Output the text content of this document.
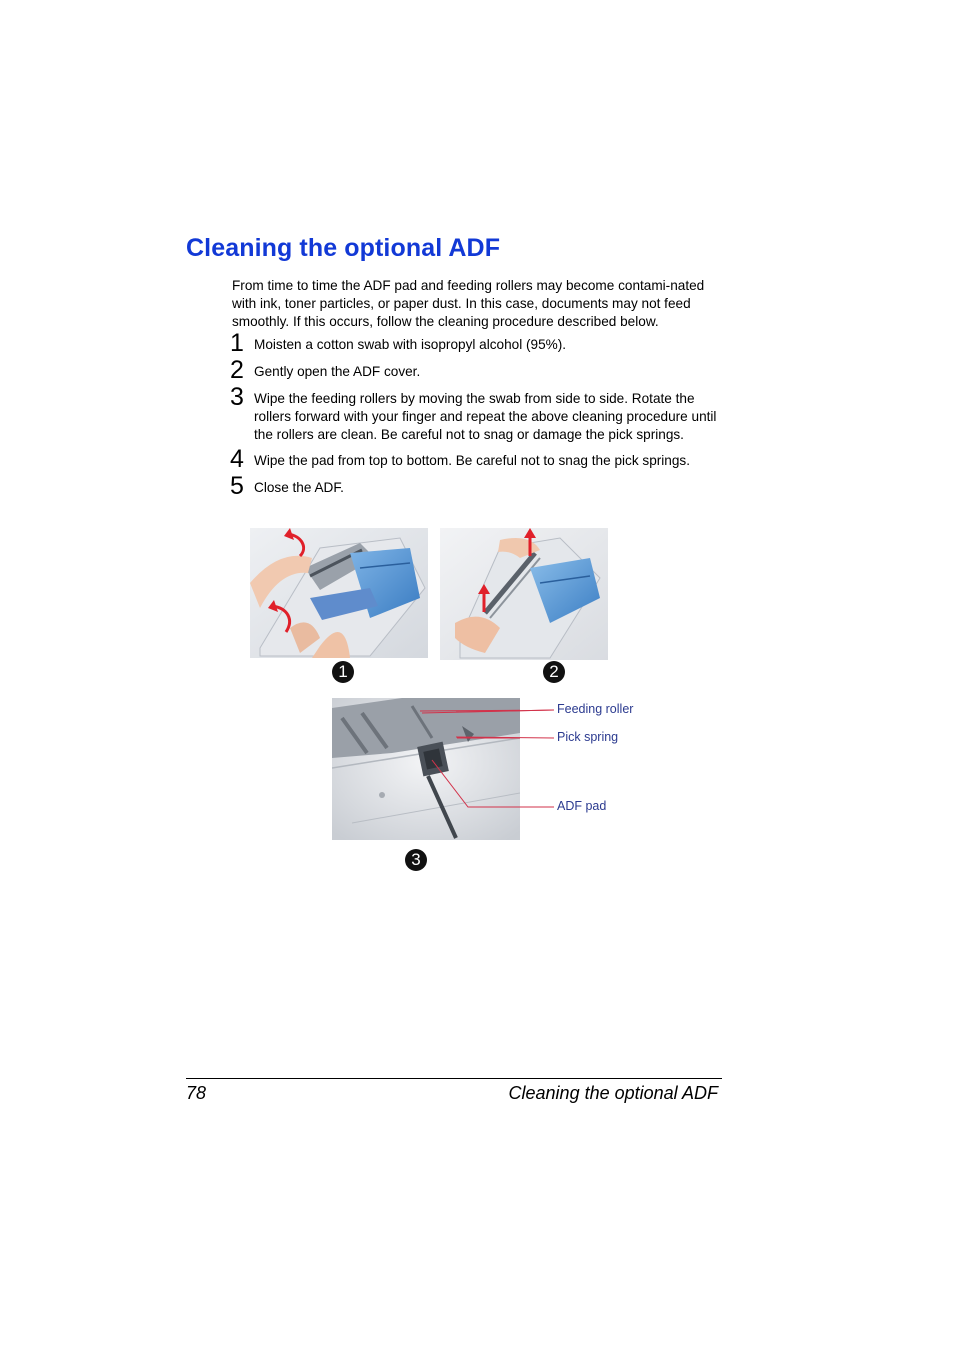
Cleaning the optional ADF

From time to time the ADF pad and feeding rollers may become contami-nated with ink, toner particles, or paper dust. In this case, documents may not feed smoothly. If this occurs, follow the cleaning procedure described below.

1 Moisten a cotton swab with isopropyl alcohol (95%).
2 Gently open the ADF cover.
3 Wipe the feeding rollers by moving the swab from side to side. Rotate the rollers forward with your finger and repeat the above cleaning procedure until the rollers are clean. Be careful not to snag or damage the pick springs.
4 Wipe the pad from top to bottom. Be careful not to snag the pick springs.
5 Close the ADF.
1	2
Feeding roller
Pick spring
ADF pad
3
78	Cleaning the optional ADF
